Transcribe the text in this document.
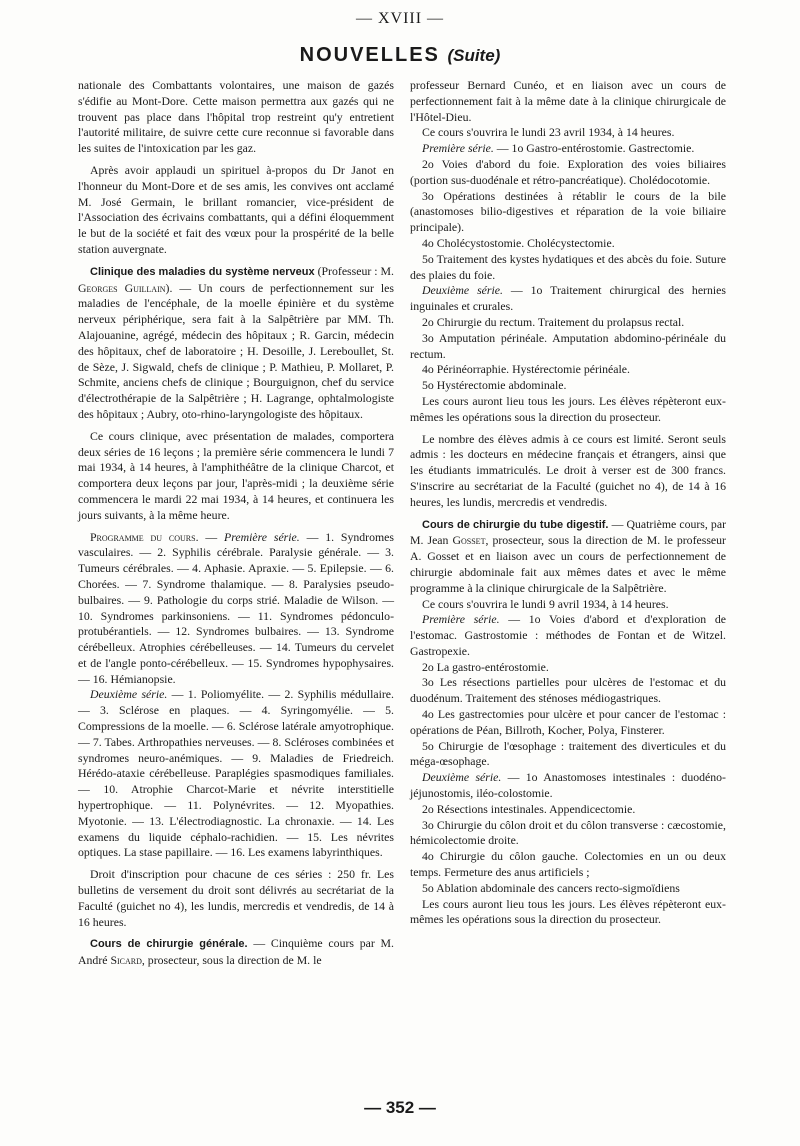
— XVIII —
NOUVELLES (Suite)

nationale des Combattants volontaires, une maison de gazés s'édifie au Mont-Dore. Cette maison permettra aux gazés qui ne trouvent pas place dans l'hôpital trop restreint qu'y entretient l'autorité militaire, de suivre cette cure reconnue si favorable dans les suites de l'intoxication par les gaz.

Après avoir applaudi un spirituel à-propos du Dr Janot en l'honneur du Mont-Dore et de ses amis, les convives ont acclamé M. José Germain, le brillant romancier, vice-président de l'Association des écrivains combattants, qui a défini éloquemment le but de la société et fait des vœux pour la prospérité de la belle station auvergnate.

Clinique des maladies du système nerveux (Professeur : M. Georges Guillain). — Un cours de perfectionnement sur les maladies de l'encéphale, de la moelle épinière et du système nerveux périphérique, sera fait à la Salpêtrière par MM. Th. Alajouanine, agrégé, médecin des hôpitaux ; R. Garcin, médecin des hôpitaux, chef de laboratoire ; H. Desoille, J. Lereboullet, St. de Sèze, J. Sigwald, chefs de clinique ; P. Mathieu, P. Mollaret, P. Schmite, anciens chefs de clinique ; Bourguignon, chef du service d'électrothérapie de la Salpêtrière ; H. Lagrange, ophtalmologiste des hôpitaux ; Aubry, oto-rhino-laryngologiste des hôpitaux.

Ce cours clinique, avec présentation de malades, comportera deux séries de 16 leçons ; la première série commencera le lundi 7 mai 1934, à 14 heures, à l'amphithéâtre de la clinique Charcot, et comportera deux leçons par jour, l'après-midi ; la deuxième série commencera le mardi 22 mai 1934, à 14 heures, et continuera les jours suivants, à la même heure.

Programme du cours. — Première série. — 1. Syndromes vasculaires. — 2. Syphilis cérébrale. Paralysie générale. — 3. Tumeurs cérébrales. — 4. Aphasie. Apraxie. — 5. Epilepsie. — 6. Chorées. — 7. Syndrome thalamique. — 8. Paralysies pseudo-bulbaires. — 9. Pathologie du corps strié. Maladie de Wilson. — 10. Syndromes parkinsoniens. — 11. Syndromes pédonculo-protubérantiels. — 12. Syndromes bulbaires. — 13. Syndrome cérébelleux. Atrophies cérébelleuses. — 14. Tumeurs du cervelet et de l'angle ponto-cérébelleux. — 15. Syndromes hypophysaires. — 16. Hémianopsie.

Deuxième série. — 1. Poliomyélite. — 2. Syphilis médullaire. — 3. Sclérose en plaques. — 4. Syringomyélie. — 5. Compressions de la moelle. — 6. Sclérose latérale amyotrophique. — 7. Tabes. Arthropathies nerveuses. — 8. Scléroses combinées et syndromes neuro-anémiques. — 9. Maladies de Friedreich. Hérédo-ataxie cérébelleuse. Paraplégies spasmodiques familiales. — 10. Atrophie Charcot-Marie et névrite interstitielle hypertrophique. — 11. Polynévrites. — 12. Myopathies. Myotonie. — 13. L'électrodiagnostic. La chronaxie. — 14. Les examens du liquide céphalo-rachidien. — 15. Les névrites optiques. La stase papillaire. — 16. Les examens labyrinthiques.

Droit d'inscription pour chacune de ces séries : 250 fr. Les bulletins de versement du droit sont délivrés au secrétariat de la Faculté (guichet no 4), les lundis, mercredis et vendredis, de 14 à 16 heures.

Cours de chirurgie générale. — Cinquième cours par M. André Sicard, prosecteur, sous la direction de M. le

professeur Bernard Cunéo, et en liaison avec un cours de perfectionnement fait à la même date à la clinique chirurgicale de l'Hôtel-Dieu.

Ce cours s'ouvrira le lundi 23 avril 1934, à 14 heures.

Première série. — 1o Gastro-entérostomie. Gastrectomie.

2o Voies d'abord du foie. Exploration des voies biliaires (portion sus-duodénale et rétro-pancréatique). Cholédocotomie.

3o Opérations destinées à rétablir le cours de la bile (anastomoses bilio-digestives et réparation de la voie biliaire principale).

4o Cholécystostomie. Cholécystectomie.

5o Traitement des kystes hydatiques et des abcès du foie. Suture des plaies du foie.

Deuxième série. — 1o Traitement chirurgical des hernies inguinales et crurales.

2o Chirurgie du rectum. Traitement du prolapsus rectal.

3o Amputation périnéale. Amputation abdomino-périnéale du rectum.

4o Périnéorraphie. Hystérectomie périnéale.

5o Hystérectomie abdominale.

Les cours auront lieu tous les jours. Les élèves répèteront eux-mêmes les opérations sous la direction du prosecteur.

Le nombre des élèves admis à ce cours est limité. Seront seuls admis : les docteurs en médecine français et étrangers, ainsi que les étudiants immatriculés. Le droit à verser est de 300 francs. S'inscrire au secrétariat de la Faculté (guichet no 4), de 14 à 16 heures, les lundis, mercredis et vendredis.

Cours de chirurgie du tube digestif. — Quatrième cours, par M. Jean Gosset, prosecteur, sous la direction de M. le professeur A. Gosset et en liaison avec un cours de perfectionnement de chirurgie abdominale fait aux mêmes dates et avec le même programme à la clinique chirurgicale de la Salpêtrière.

Ce cours s'ouvrira le lundi 9 avril 1934, à 14 heures.

Première série. — 1o Voies d'abord et d'exploration de l'estomac. Gastrostomie : méthodes de Fontan et de Witzel. Gastropexie.

2o La gastro-entérostomie.

3o Les résections partielles pour ulcères de l'estomac et du duodénum. Traitement des sténoses médiogastriques.

4o Les gastrectomies pour ulcère et pour cancer de l'estomac : opérations de Péan, Billroth, Kocher, Polya, Finsterer.

5o Chirurgie de l'œsophage : traitement des diverticules et du méga-œsophage.

Deuxième série. — 1o Anastomoses intestinales : duodéno-jéjunostomis, iléo-colostomie.

2o Résections intestinales. Appendicectomie.

3o Chirurgie du côlon droit et du côlon transverse : cæcostomie, hémicolectomie droite.

4o Chirurgie du côlon gauche. Colectomies en un ou deux temps. Fermeture des anus artificiels ;

5o Ablation abdominale des cancers recto-sigmoïdiens

Les cours auront lieu tous les jours. Les élèves répèteront eux-mêmes les opérations sous la direction du prosecteur.

— 352 —
